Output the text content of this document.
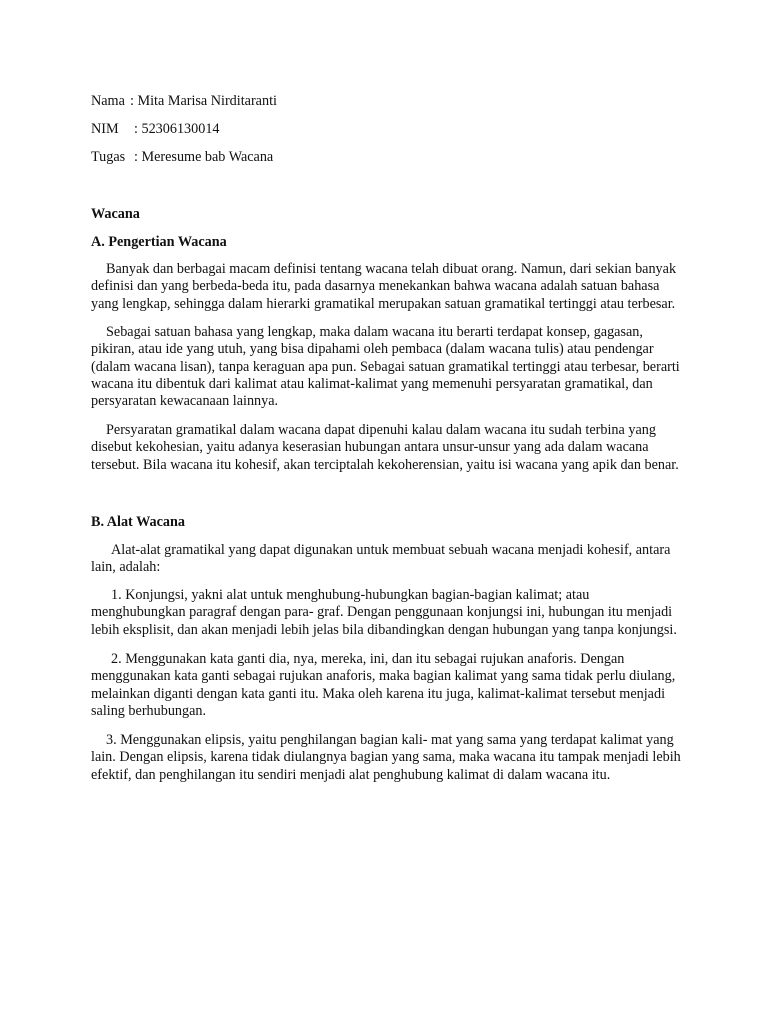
Nama : Mita Marisa Nirditaranti
NIM : 52306130014
Tugas : Meresume bab Wacana
Wacana
A. Pengertian Wacana

Banyak dan berbagai macam definisi tentang wacana telah dibuat orang. Namun, dari sekian banyak definisi dan yang berbeda-beda itu, pada dasarnya menekankan bahwa wacana adalah satuan bahasa yang lengkap, sehingga dalam hierarki gramatikal merupakan satuan gramatikal tertinggi atau terbesar.

Sebagai satuan bahasa yang lengkap, maka dalam wacana itu berarti terdapat konsep, gagasan, pikiran, atau ide yang utuh, yang bisa dipahami oleh pembaca (dalam wacana tulis) atau pendengar (dalam wacana lisan), tanpa keraguan apa pun. Sebagai satuan gramatikal tertinggi atau terbesar, berarti wacana itu dibentuk dari kalimat atau kalimat-kalimat yang memenuhi persyaratan gramatikal, dan persyaratan kewacanaan lainnya.

Persyaratan gramatikal dalam wacana dapat dipenuhi kalau dalam wacana itu sudah terbina yang disebut kekohesian, yaitu adanya keserasian hubungan antara unsur-unsur yang ada dalam wacana tersebut. Bila wacana itu kohesif, akan terciptalah kekoherensian, yaitu isi wacana yang apik dan benar.

B. Alat Wacana

Alat-alat gramatikal yang dapat digunakan untuk membuat sebuah wacana menjadi kohesif, antara lain, adalah:

1. Konjungsi, yakni alat untuk menghubung-hubungkan bagian-bagian kalimat; atau menghubungkan paragraf dengan para- graf. Dengan penggunaan konjungsi ini, hubungan itu menjadi lebih eksplisit, dan akan menjadi lebih jelas bila dibandingkan dengan hubungan yang tanpa konjungsi.

2. Menggunakan kata ganti dia, nya, mereka, ini, dan itu sebagai rujukan anaforis. Dengan menggunakan kata ganti sebagai rujukan anaforis, maka bagian kalimat yang sama tidak perlu diulang, melainkan diganti dengan kata ganti itu. Maka oleh karena itu juga, kalimat-kalimat tersebut menjadi saling berhubungan.

3. Menggunakan elipsis, yaitu penghilangan bagian kali- mat yang sama yang terdapat kalimat yang lain. Dengan elipsis, karena tidak diulangnya bagian yang sama, maka wacana itu tampak menjadi lebih efektif, dan penghilangan itu sendiri menjadi alat penghubung kalimat di dalam wacana itu.
